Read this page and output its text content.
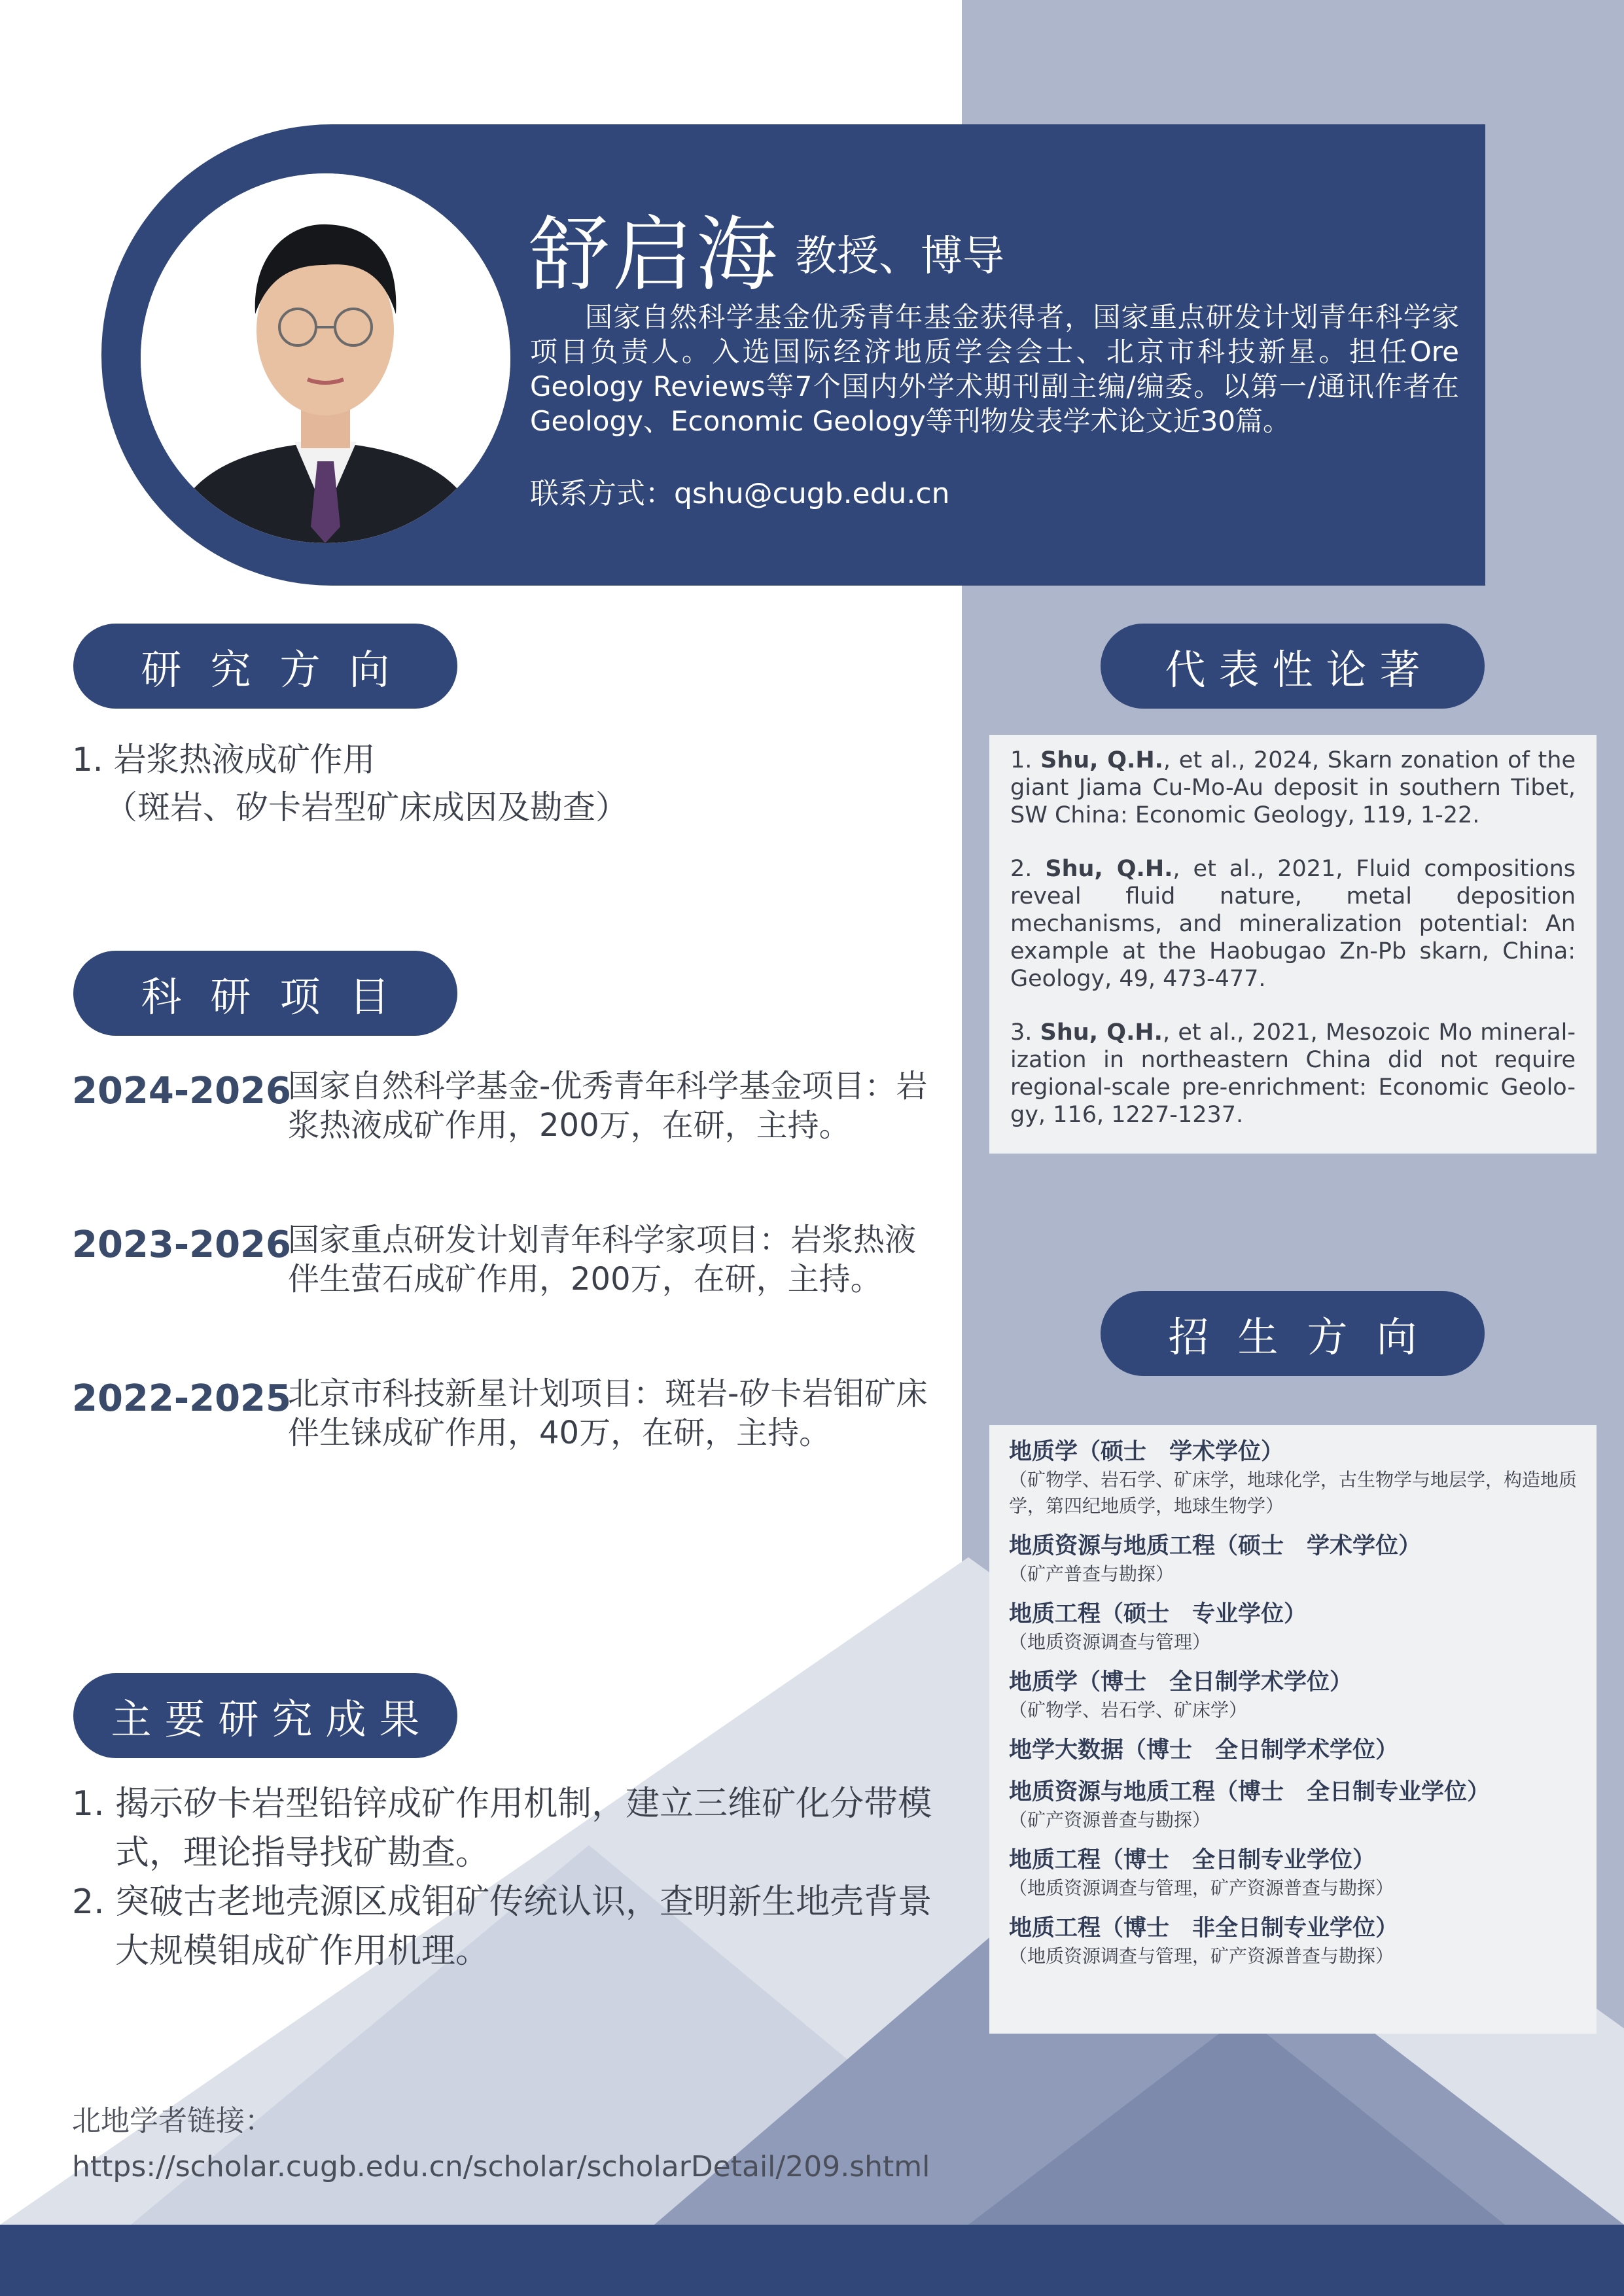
舒启海 教授、博导

国家自然科学基金优秀青年基金获得者，国家重点研发计划青年科学家项目负责人。入选国际经济地质学会会士、北京市科技新星。担任Ore Geology Reviews等7个国内外学术期刊副主编/编委。以第一/通讯作者在Geology、Economic Geology等刊物发表学术论文近30篇。

联系方式：qshu@cugb.edu.cn
研究方向
1. 岩浆热液成矿作用
（斑岩、矽卡岩型矿床成因及勘查）
科研项目
2024-2026
国家自然科学基金-优秀青年科学基金项目：岩浆热液成矿作用，200万，在研，主持。
2023-2026
国家重点研发计划青年科学家项目：岩浆热液伴生萤石成矿作用，200万，在研，主持。
2022-2025
北京市科技新星计划项目：斑岩-矽卡岩钼矿床伴生铼成矿作用，40万，在研，主持。
主要研究成果

1. 揭示矽卡岩型铅锌成矿作用机制，建立三维矿化分带模式，理论指导找矿勘查。

2. 突破古老地壳源区成钼矿传统认识，查明新生地壳背景大规模钼成矿作用机理。

北地学者链接：
https://scholar.cugb.edu.cn/scholar/scholarDetail/209.shtml
代表性论著

1. Shu, Q.H., et al., 2024, Skarn zonation of the giant Jiama Cu-Mo-Au deposit in southern Tibet, SW China: Economic Geology, 119, 1-22.

2. Shu, Q.H., et al., 2021, Fluid compositions reveal fluid nature, metal deposition mechanisms, and mineralization potential: An example at the Haobugao Zn-Pb skarn, China: Geology, 49, 473-477.

3. Shu, Q.H., et al., 2021, Mesozoic Mo mineral-ization in northeastern China did not require regional-scale pre-enrichment: Economic Geolo-gy, 116, 1227-1237.

招生方向
地质学（硕士　学术学位）
（矿物学、岩石学、矿床学，地球化学，古生物学与地层学，构造地质学，第四纪地质学，地球生物学）
地质资源与地质工程（硕士　学术学位）
（矿产普查与勘探）
地质工程（硕士　专业学位）
（地质资源调查与管理）
地质学（博士　全日制学术学位）
（矿物学、岩石学、矿床学）
地学大数据（博士　全日制学术学位）
地质资源与地质工程（博士　全日制专业学位）
（矿产资源普查与勘探）
地质工程（博士　全日制专业学位）
（地质资源调查与管理，矿产资源普查与勘探）
地质工程（博士　非全日制专业学位）
（地质资源调查与管理，矿产资源普查与勘探）
